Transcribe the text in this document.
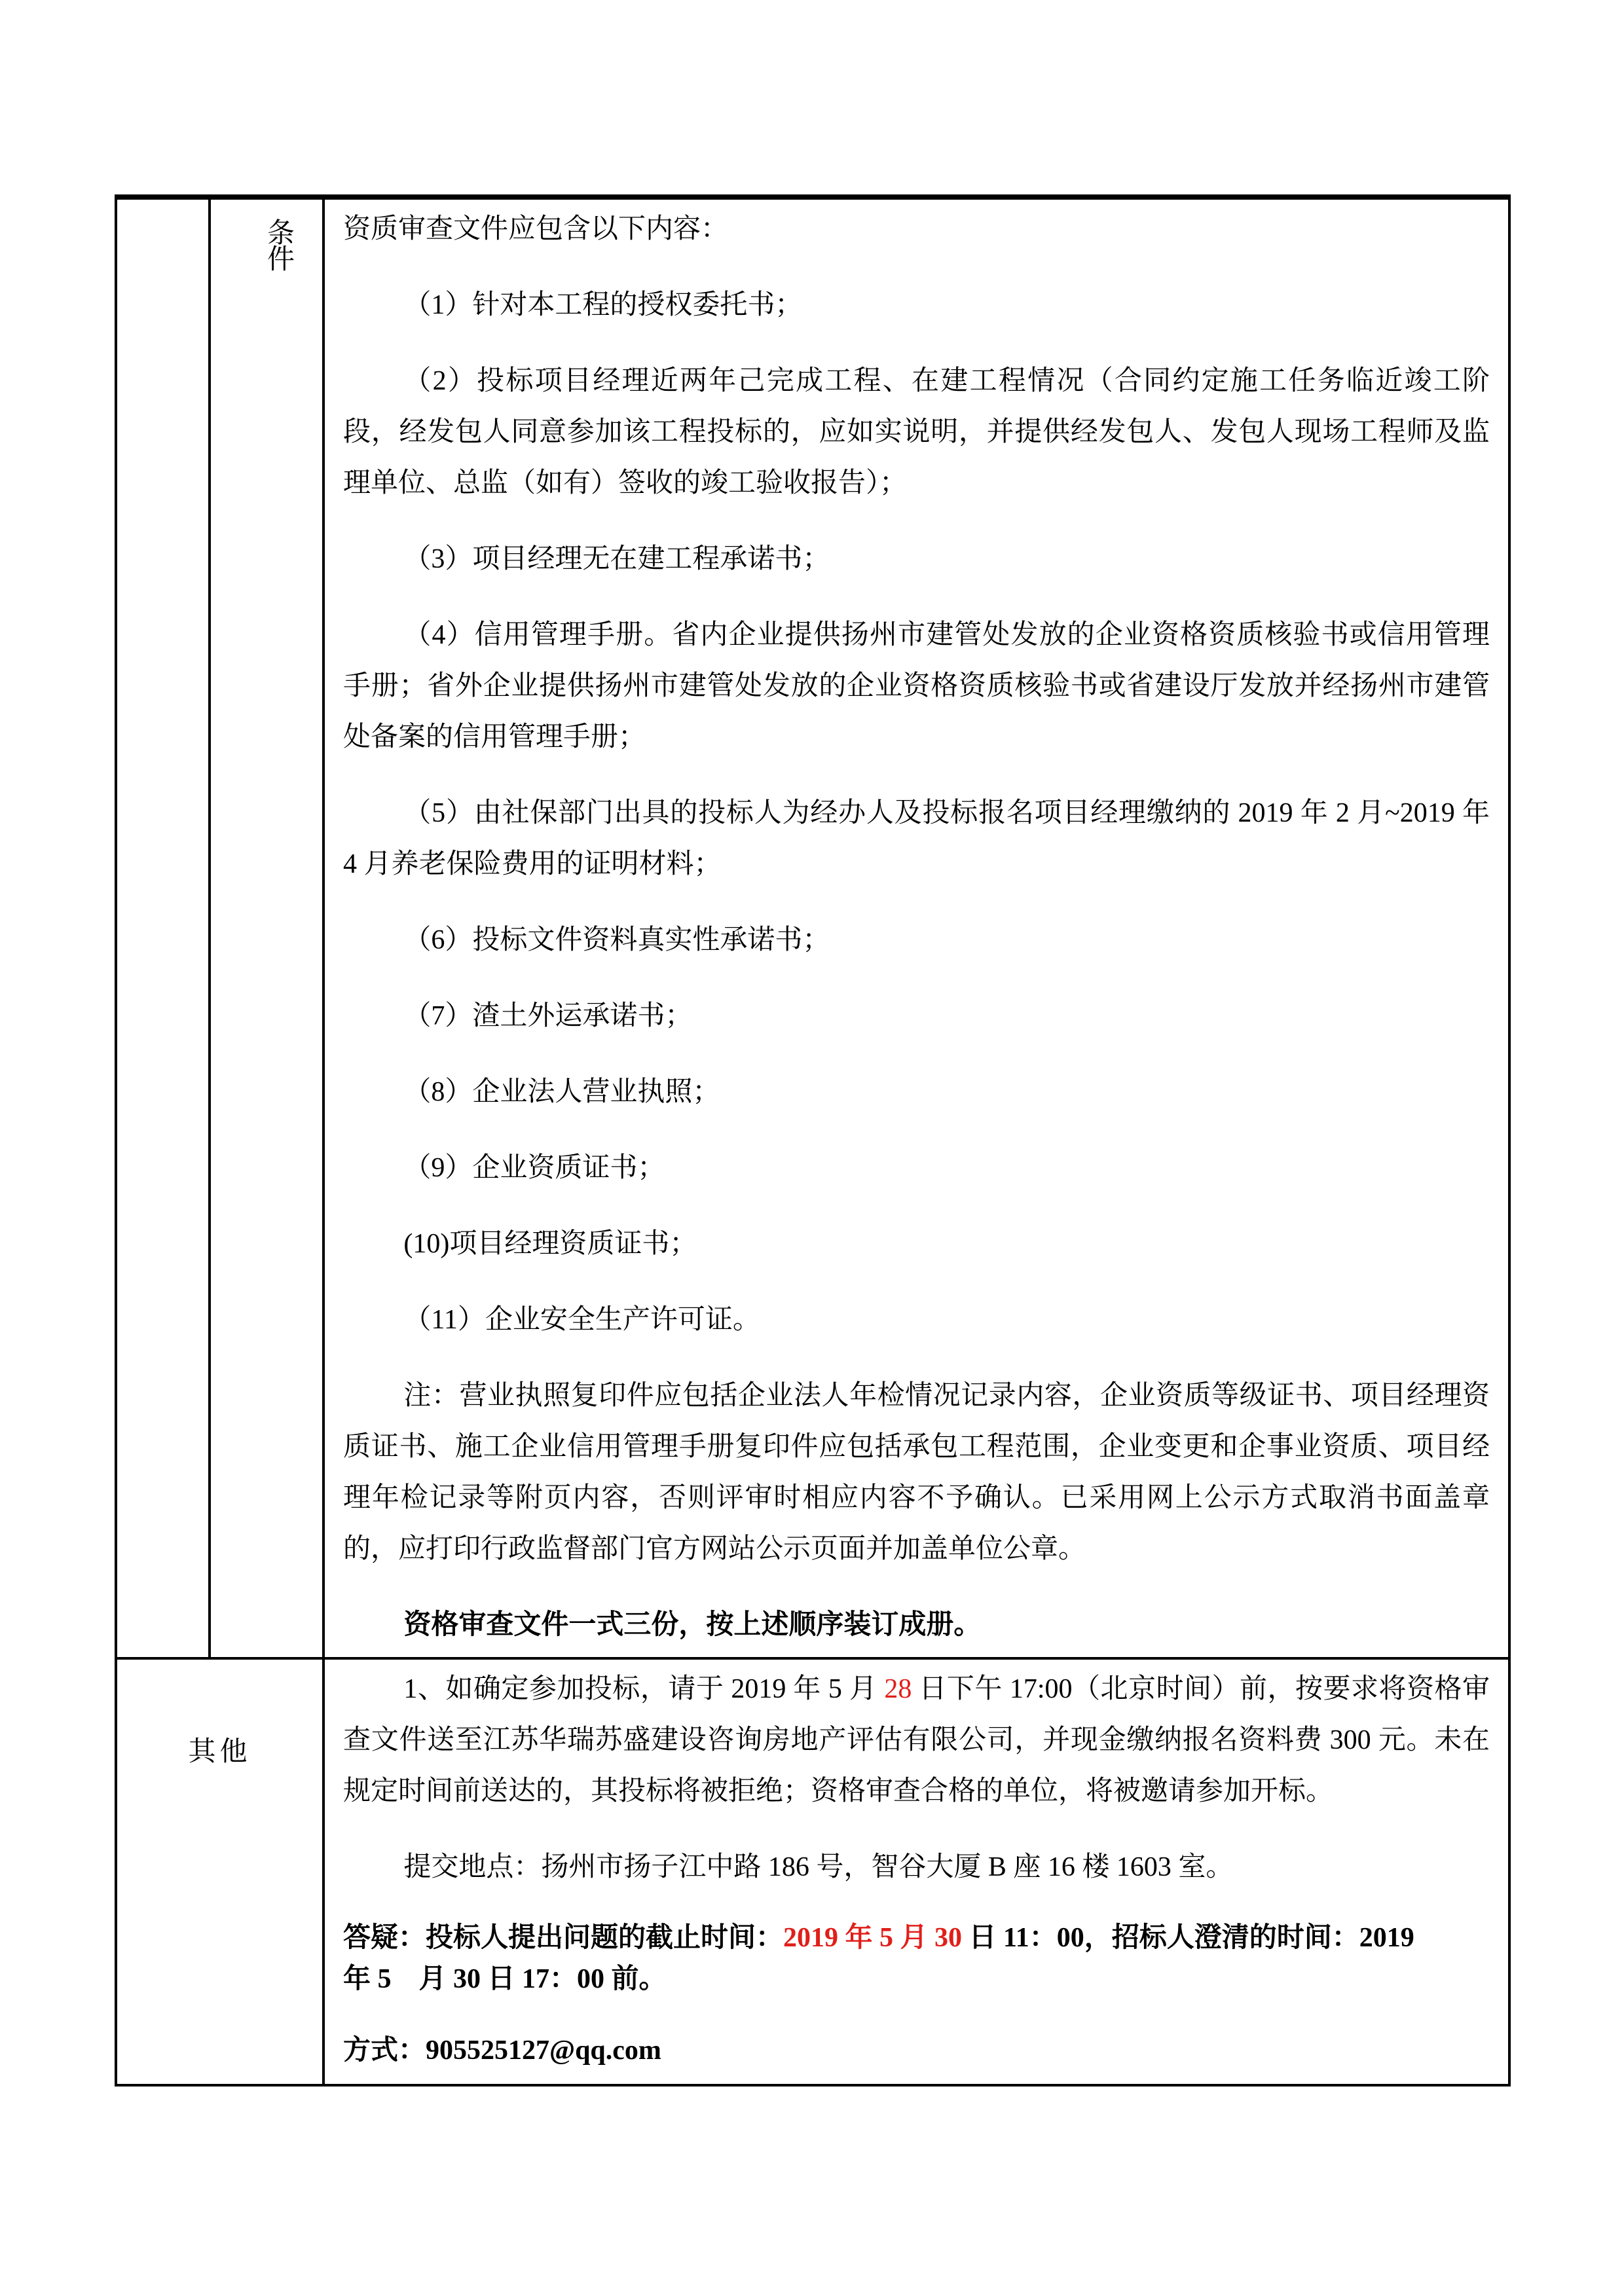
条件

资质审查文件应包含以下内容：

（1）针对本工程的授权委托书；

（2）投标项目经理近两年己完成工程、在建工程情况（合同约定施工任务临近竣工阶段，经发包人同意参加该工程投标的，应如实说明，并提供经发包人、发包人现场工程师及监理单位、总监（如有）签收的竣工验收报告）；

（3）项目经理无在建工程承诺书；

（4）信用管理手册。省内企业提供扬州市建管处发放的企业资格资质核验书或信用管理手册；省外企业提供扬州市建管处发放的企业资格资质核验书或省建设厅发放并经扬州市建管处备案的信用管理手册；

（5）由社保部门出具的投标人为经办人及投标报名项目经理缴纳的 2019 年 2 月~2019 年 4 月养老保险费用的证明材料；

（6）投标文件资料真实性承诺书；

（7）渣土外运承诺书；

（8）企业法人营业执照；

（9）企业资质证书；

(10)项目经理资质证书；

（11）企业安全生产许可证。

注：营业执照复印件应包括企业法人年检情况记录内容，企业资质等级证书、项目经理资质证书、施工企业信用管理手册复印件应包括承包工程范围，企业变更和企事业资质、项目经理年检记录等附页内容，否则评审时相应内容不予确认。已采用网上公示方式取消书面盖章的，应打印行政监督部门官方网站公示页面并加盖单位公章。

资格审查文件一式三份，按上述顺序装订成册。

其他

1、如确定参加投标，请于 2019 年 5 月 28 日下午 17:00（北京时间）前，按要求将资格审查文件送至江苏华瑞苏盛建设咨询房地产评估有限公司，并现金缴纳报名资料费 300 元。未在规定时间前送达的，其投标将被拒绝；资格审查合格的单位，将被邀请参加开标。

提交地点：扬州市扬子江中路 186 号，智谷大厦 B 座 16 楼 1603 室。

答疑：投标人提出问题的截止时间：2019 年 5 月 30 日 11：00，招标人澄清的时间：2019
年 5　月 30 日 17：00 前。

方式：905525127@qq.com
